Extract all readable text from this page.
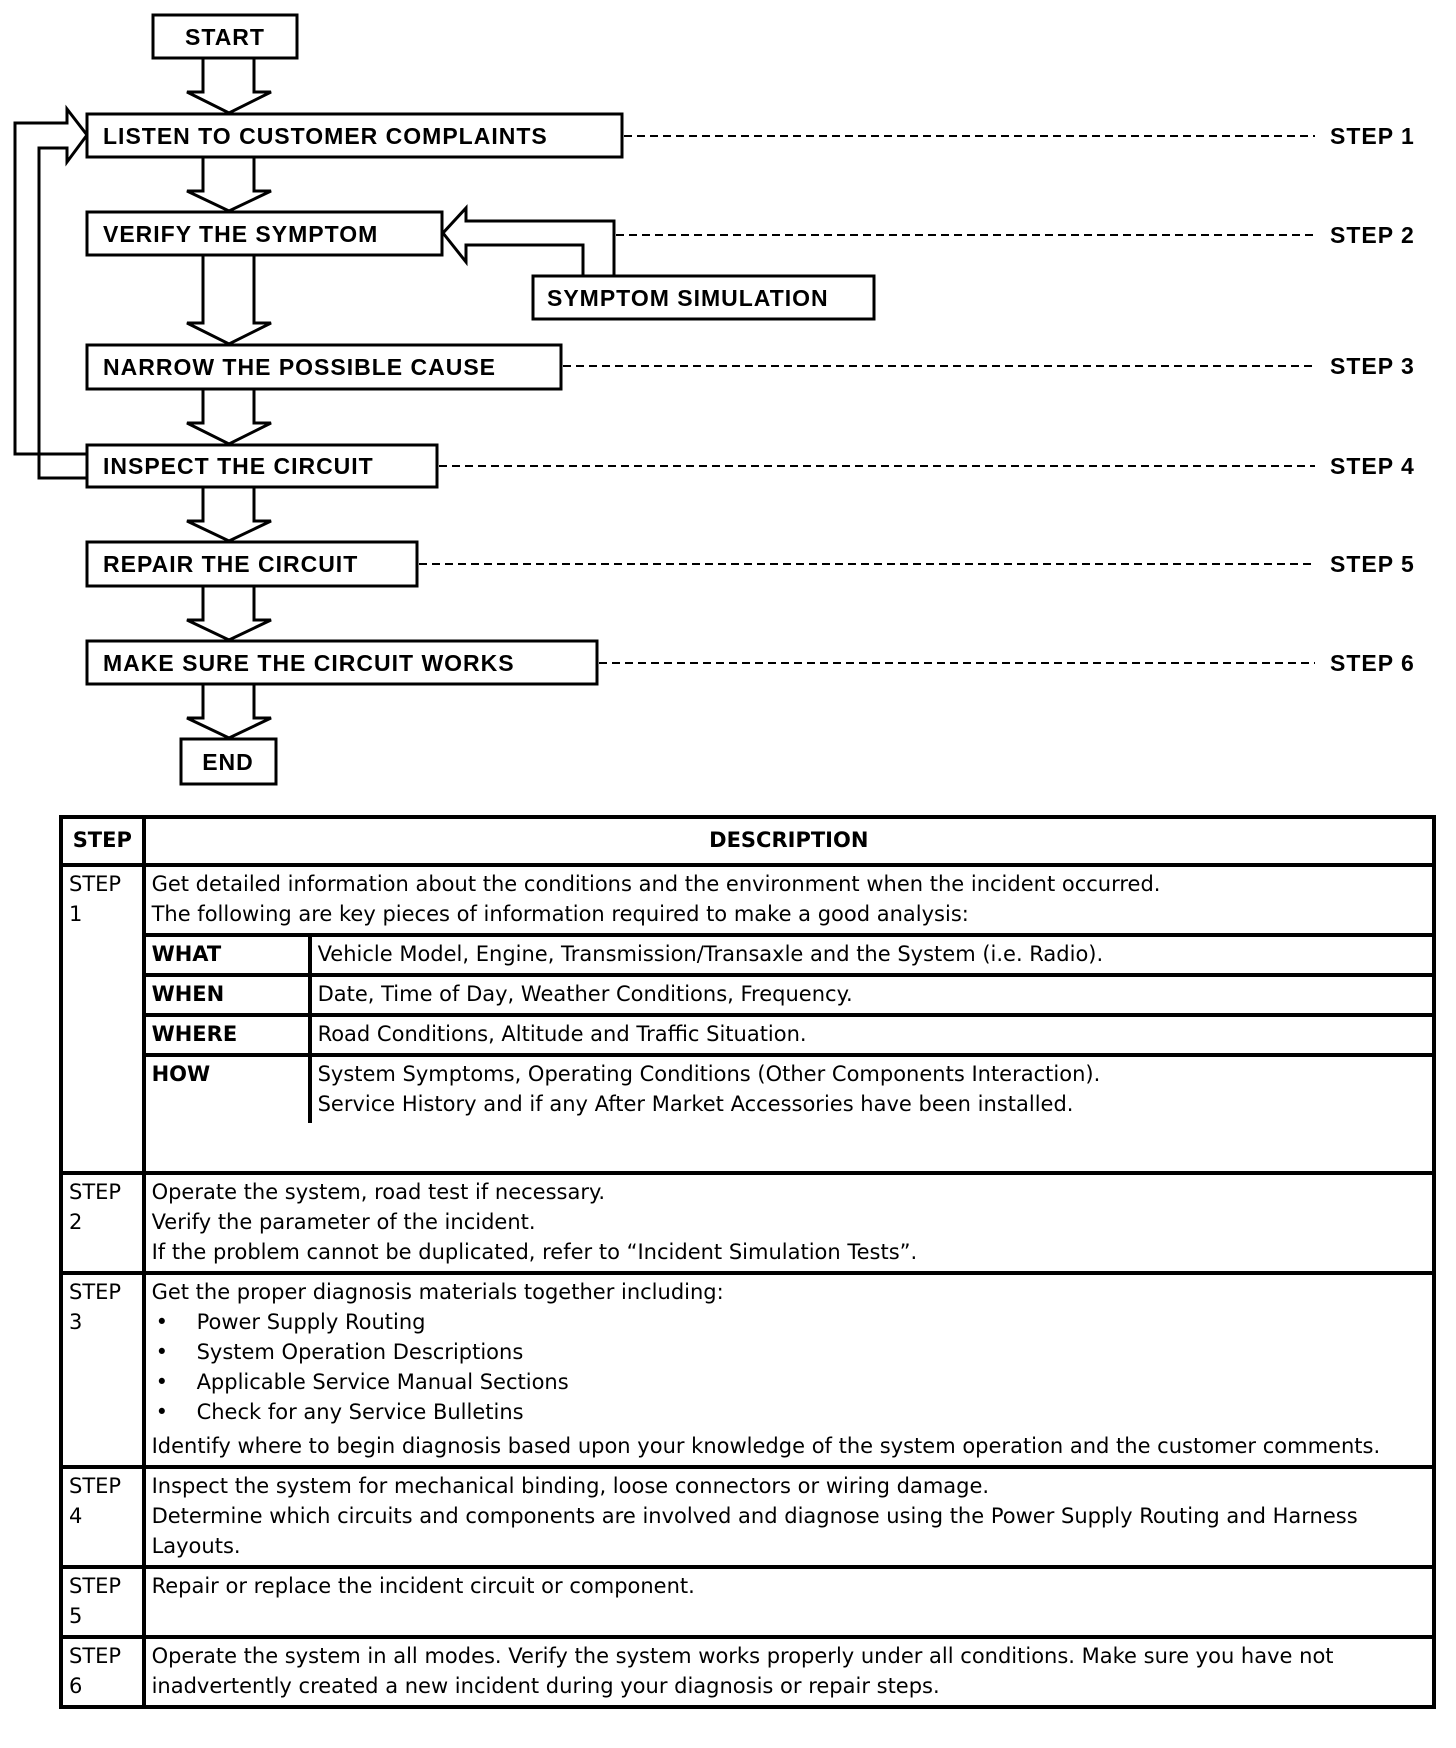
START
LISTEN TO CUSTOMER COMPLAINTS
VERIFY THE SYMPTOM
SYMPTOM SIMULATION
NARROW THE POSSIBLE CAUSE
INSPECT THE CIRCUIT
REPAIR THE CIRCUIT
MAKE SURE THE CIRCUIT WORKS
END
STEP 1
STEP 2
STEP 3
STEP 4
STEP 5
STEP 6
STEP	DESCRIPTION
STEP 1	
Get detailed information about the conditions and the environment when the incident occurred.
The following are key pieces of information required to make a good analysis:
WHAT	Vehicle Model, Engine, Transmission/Transaxle and the System (i.e. Radio).
WHEN	Date, Time of Day, Weather Conditions, Frequency.
WHERE	Road Conditions, Altitude and Traffic Situation.
HOW	System Symptoms, Operating Conditions (Other Components Interaction).
Service History and if any After Market Accessories have been installed.

STEP 2	
Operate the system, road test if necessary.
Verify the parameter of the incident.
If the problem cannot be duplicated, refer to “Incident Simulation Tests”.

STEP 3	
Get the proper diagnosis materials together including:
• Power Supply Routing
• System Operation Descriptions
• Applicable Service Manual Sections
• Check for any Service Bulletins
Identify where to begin diagnosis based upon your knowledge of the system operation and the customer comments.

STEP 4	
Inspect the system for mechanical binding, loose connectors or wiring damage.
Determine which circuits and components are involved and diagnose using the Power Supply Routing and Harness Layouts.

STEP 5	
Repair or replace the incident circuit or component.

STEP 6	
Operate the system in all modes. Verify the system works properly under all conditions. Make sure you have not inadvertently created a new incident during your diagnosis or repair steps.
